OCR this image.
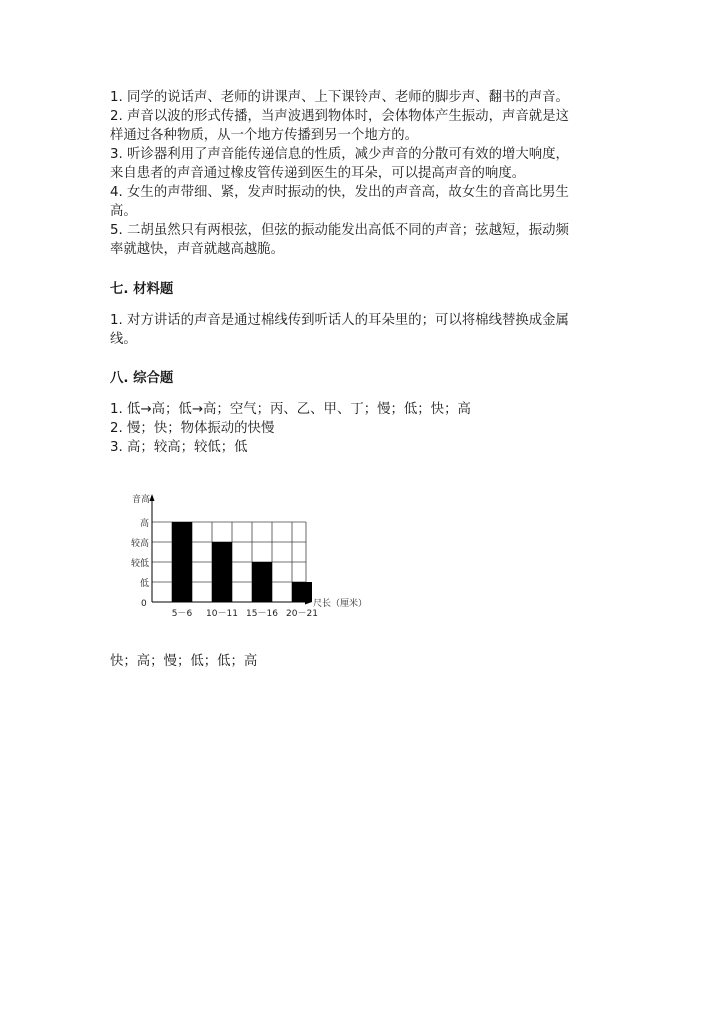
1. 同学的说话声、老师的讲课声、上下课铃声、老师的脚步声、翻书的声音。
2. 声音以波的形式传播，当声波遇到物体时，会体物体产生振动，声音就是这
样通过各种物质，从一个地方传播到另一个地方的。
3. 听诊器利用了声音能传递信息的性质，减少声音的分散可有效的增大响度，
来自患者的声音通过橡皮管传递到医生的耳朵，可以提高声音的响度。
4. 女生的声带细、紧，发声时振动的快，发出的声音高，故女生的音高比男生
高。
5. 二胡虽然只有两根弦，但弦的振动能发出高低不同的声音；弦越短，振动频
率就越快，声音就越高越脆。
七. 材料题
1. 对方讲话的声音是通过棉线传到听话人的耳朵里的；可以将棉线替换成金属
线。
八. 综合题
1. 低→高；低→高；空气；丙、乙、甲、丁；慢；低；快；高
2. 慢；快；物体振动的快慢
3. 高；较高；较低；低
音高
尺长（厘米）
0
低
较低
较高
高
5－6 10－11 15－16 20－21
快；高；慢；低；低；高
